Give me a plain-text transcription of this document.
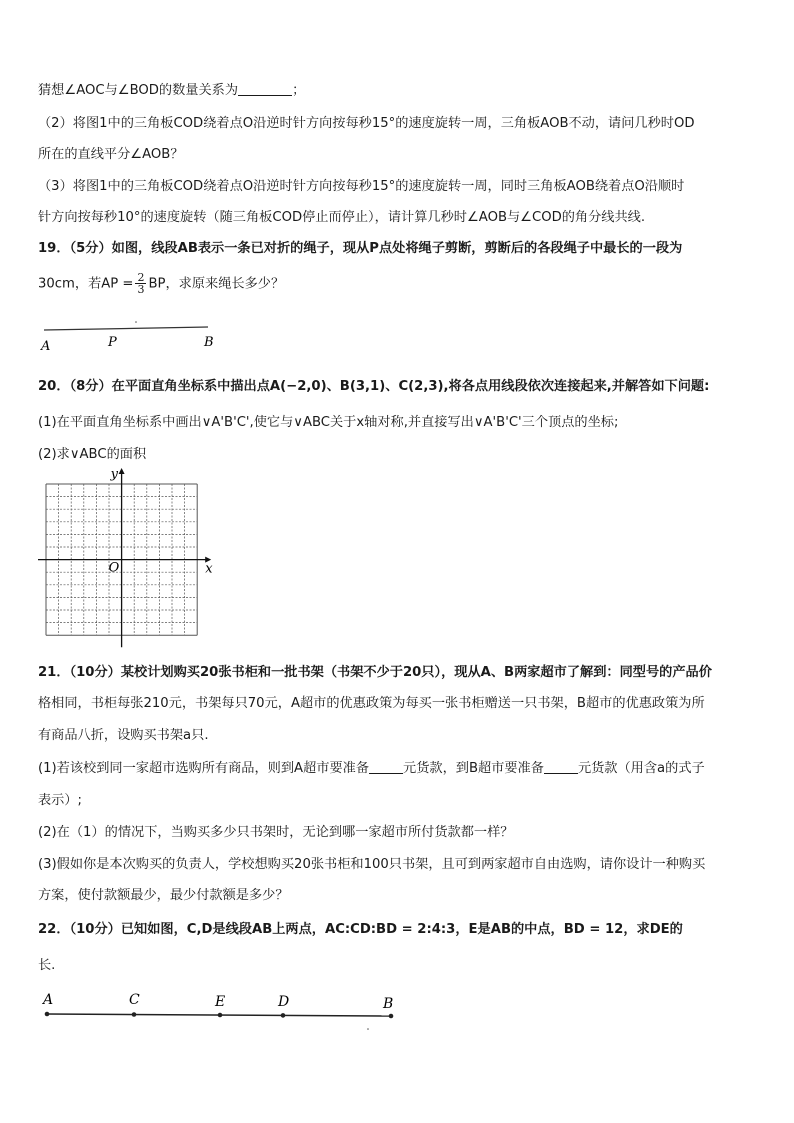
猜想∠AOC与∠BOD的数量关系为	；
（2）将图1中的三角板COD绕着点O沿逆时针方向按每秒15°的速度旋转一周，三角板AOB不动，请问几秒时OD
所在的直线平分∠AOB？
（3）将图1中的三角板COD绕着点O沿逆时针方向按每秒15°的速度旋转一周，同时三角板AOB绕着点O沿顺时
针方向按每秒10°的速度旋转（随三角板COD停止而停止），请计算几秒时∠AOB与∠COD的角分线共线.
19．（5分）如图，线段AB表示一条已对折的绳子，现从P点处将绳子剪断，剪断后的各段绳子中最长的一段为
30cm，若AP = $\frac{2}{3}$ BP，求原来绳长多少？
A	P	B
20．（8分）在平面直角坐标系中描出点A(−2,0)、B(3,1)、C(2,3),将各点用线段依次连接起来,并解答如下问题:
(1)在平面直角坐标系中画出∨A'B'C',使它与∨ABC关于x轴对称,并直接写出∨A'B'C'三个顶点的坐标;
(2)求∨ABC的面积
x
y
O
21．（10分）某校计划购买20张书柜和一批书架（书架不少于20只），现从A、B两家超市了解到：同型号的产品价
格相同，书柜每张210元，书架每只70元，A超市的优惠政策为每买一张书柜赠送一只书架，B超市的优惠政策为所
有商品八折，设购买书架a只.
(1)若该校到同一家超市选购所有商品，则到A超市要准备	元货款，到B超市要准备	元货款（用含a的式子
表示）;
(2)在（1）的情况下，当购买多少只书架时，无论到哪一家超市所付货款都一样？
(3)假如你是本次购买的负责人，学校想购买20张书柜和100只书架，且可到两家超市自由选购，请你设计一种购买
方案，使付款额最少，最少付款额是多少？
22．（10分）已知如图，C,D是线段AB上两点，AC:CD:BD = 2:4:3，E是AB的中点，BD = 12，求DE的
长.
A	C	E	D	B
